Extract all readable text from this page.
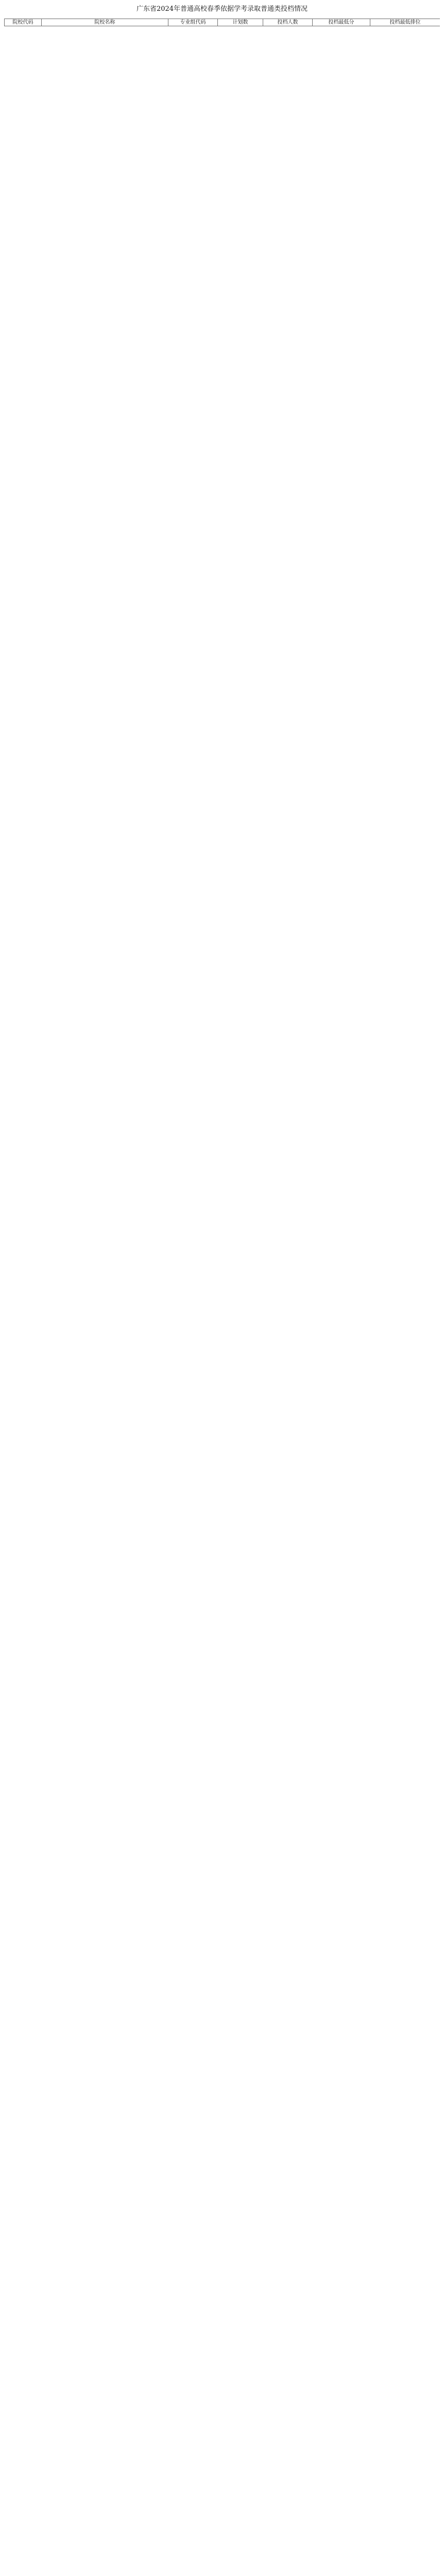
广东省2024年普通高校春季依据学考录取普通类投档情况
院校代码	院校名称	专业组代码	计划数	投档人数	投档最低分	投档最低排位
